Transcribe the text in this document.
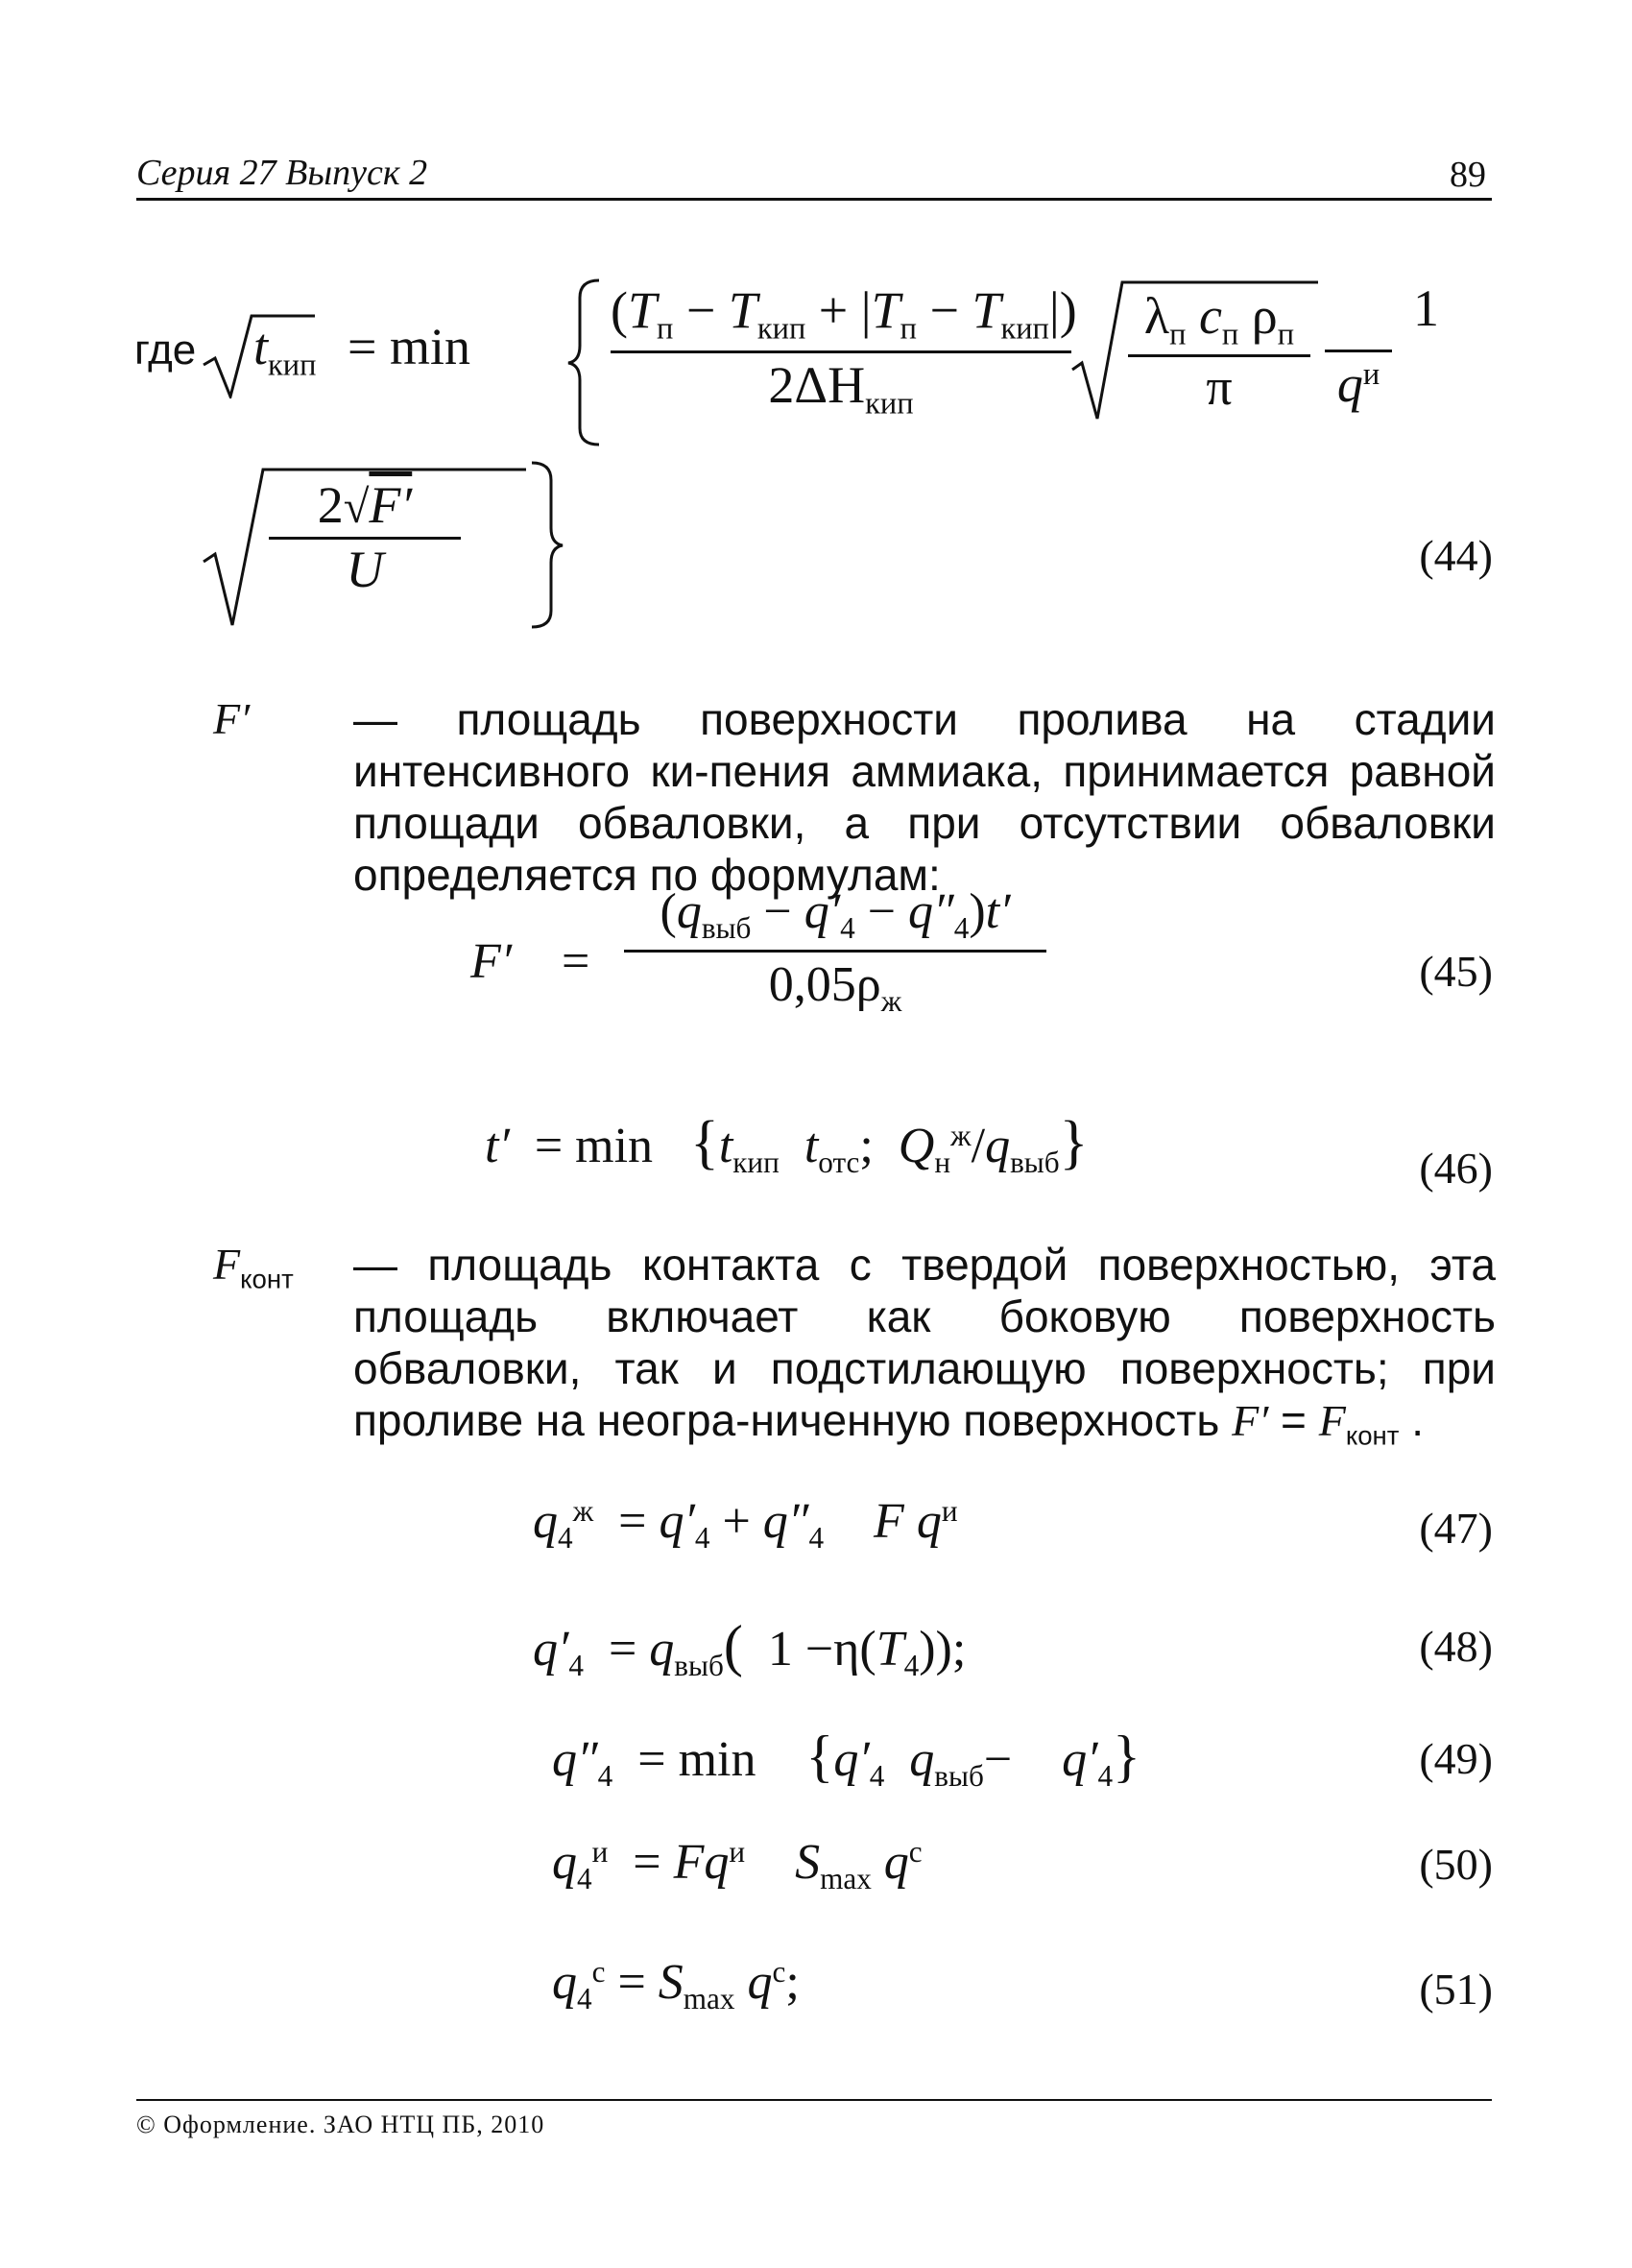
Серия 27 Выпуск 2	89
где $t_{кип} = \min$
$(T_п - T_{кип} + |T_п - T_{кип}|)$
$2\Delta H_{кип}$
$\lambda_п$ $c_п$ $\rho_п$
π	$q^и$
1
2√F′
U	(44)
F′ — площадь поверхности пролива на стадии интенсивного ки-пения аммиака, принимается равной площади обваловки, а при отсутствии обваловки определяется по формулам:
F′ =
$(q_{выб} - q'_4 - q''_4)t'$
$0,05\rho_ж$
(45)
$t' = \min \{t_{кип}$ $t_{отс}$; $Q_н^ж/q_{выб}$}	(46)
$F_{конт}$ — площадь контакта с твердой поверхностью, эта площадь включает как боковую поверхность обваловки, так и подстилающую поверхность; при проливе на неогра-ниченную поверхность $F' = F_{конт}$ .
$q_4^ж = q'_4 + q''_4$ F $q^и$	(47)
$q'_4 = q_{выб}$( $1 -\eta(T_4)$);	(48)
$q''_4 = \min \{q'_4$ $q_{выб}- q'_4$}	(49)
$q_4^и = Fq^и$ $S_{max}$ $q^с$	(50)
$q_4^с = S_{max}$ $q^с$;	(51)
© Оформление. ЗАО НТЦ ПБ, 2010
